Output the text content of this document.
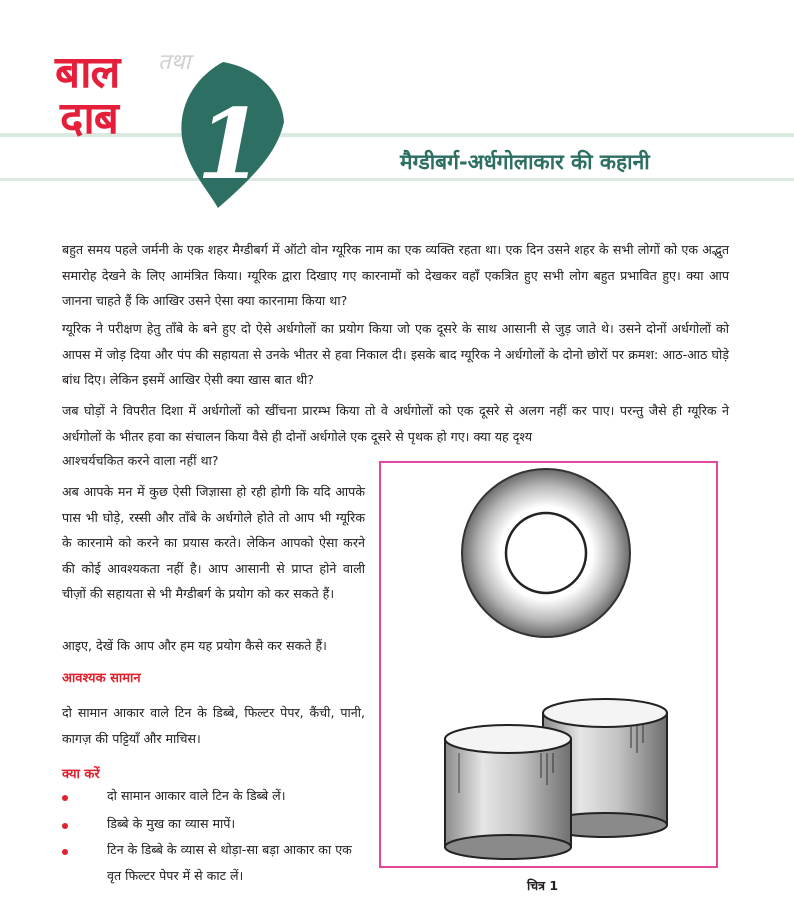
बाल तथा
दाब 1	मैग्डीबर्ग-अर्धगोलाकार की कहानी

बहुत समय पहले जर्मनी के एक शहर मैग्डीबर्ग में ऑटो वोन ग्यूरिक नाम का एक व्यक्ति रहता था। एक दिन उसने शहर के सभी लोगों को एक अद्भुत समारोह देखने के लिए आमंत्रित किया। ग्यूरिक द्वारा दिखाए गए कारनामों को देखकर वहाँ एकत्रित हुए सभी लोग बहुत प्रभावित हुए। क्या आप जानना चाहते हैं कि आखिर उसने ऐसा क्या कारनामा किया था?

ग्यूरिक ने परीक्षण हेतु ताँबे के बने हुए दो ऐसे अर्धगोलों का प्रयोग किया जो एक दूसरे के साथ आसानी से जुड़ जाते थे। उसने दोनों अर्धगोलों को आपस में जोड़ दिया और पंप की सहायता से उनके भीतर से हवा निकाल दी। इसके बाद ग्यूरिक ने अर्धगोलों के दोनो छोरों पर क्रमश: आठ-आठ घोड़े बांध दिए। लेकिन इसमें आखिर ऐसी क्या खास बात थी?

जब घोड़ों ने विपरीत दिशा में अर्धगोलों को खींचना प्रारम्भ किया तो वे अर्धगोलों को एक दूसरे से अलग नहीं कर पाए। परन्तु जैसे ही ग्यूरिक ने अर्धगोलों के भीतर हवा का संचालन किया वैसे ही दोनों अर्धगोले एक दूसरे से पृथक हो गए। क्या यह दृश्य

आश्चर्यचकित करने वाला नहीं था?

अब आपके मन में कुछ ऐसी जिज्ञासा हो रही होगी कि यदि आपके पास भी घोड़े, रस्सी और ताँबे के अर्धगोले होते तो आप भी ग्यूरिक के कारनामे को करने का प्रयास करते। लेकिन आपको ऐसा करने की कोई आवश्यकता नहीं है। आप आसानी से प्राप्त होने वाली चीज़ों की सहायता से भी मैग्डीबर्ग के प्रयोग को कर सकते हैं।

आइए, देखें कि आप और हम यह प्रयोग कैसे कर सकते हैं।

आवश्यक सामान

दो सामान आकार वाले टिन के डिब्बे, फिल्टर पेपर, कैंची, पानी, कागज़ की पट्टियाँ और माचिस।

क्या करें

दो सामान आकार वाले टिन के डिब्बे लें।

डिब्बे के मुख का व्यास मापें।

टिन के डिब्बे के व्यास से थोड़ा-सा बड़ा आकार का एक वृत फिल्टर पेपर में से काट लें।

चित्र 1
